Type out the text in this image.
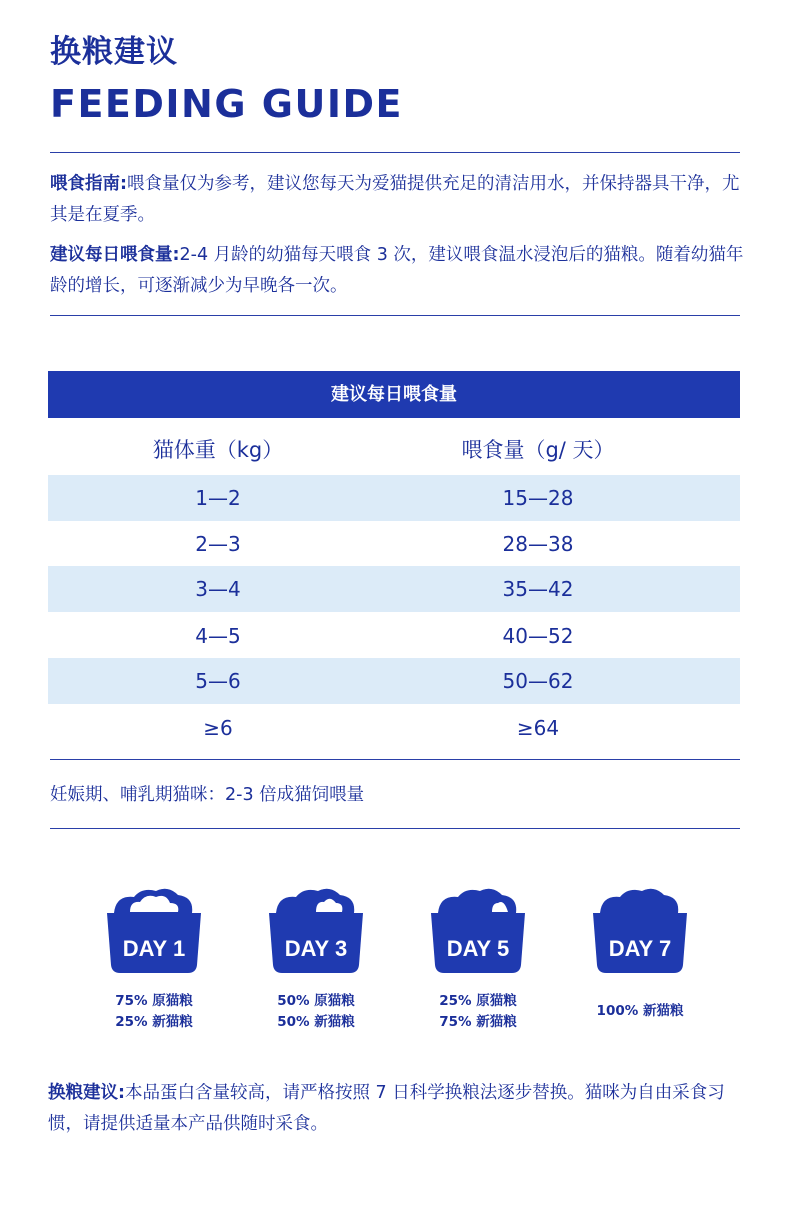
换粮建议
FEEDING GUIDE
喂食指南:喂食量仅为参考，建议您每天为爱猫提供充足的清洁用水，并保持器具干净，尤其是在夏季。
建议每日喂食量:2-4 月龄的幼猫每天喂食 3 次，建议喂食温水浸泡后的猫粮。随着幼猫年龄的增长，可逐渐减少为早晚各一次。
建议每日喂食量
猫体重（kg）	喂食量（g/ 天）
1—2	15—28
2—3	28—38
3—4	35—42
4—5	40—52
5—6	50—62
≥6	≥64
妊娠期、哺乳期猫咪：2-3 倍成猫饲喂量
DAY 1	DAY 3	DAY 5	DAY 7
75% 原猫粮
25% 新猫粮
50% 原猫粮
50% 新猫粮
25% 原猫粮
75% 新猫粮
100% 新猫粮
换粮建议:本品蛋白含量较高，请严格按照 7 日科学换粮法逐步替换。猫咪为自由采食习惯，请提供适量本产品供随时采食。
